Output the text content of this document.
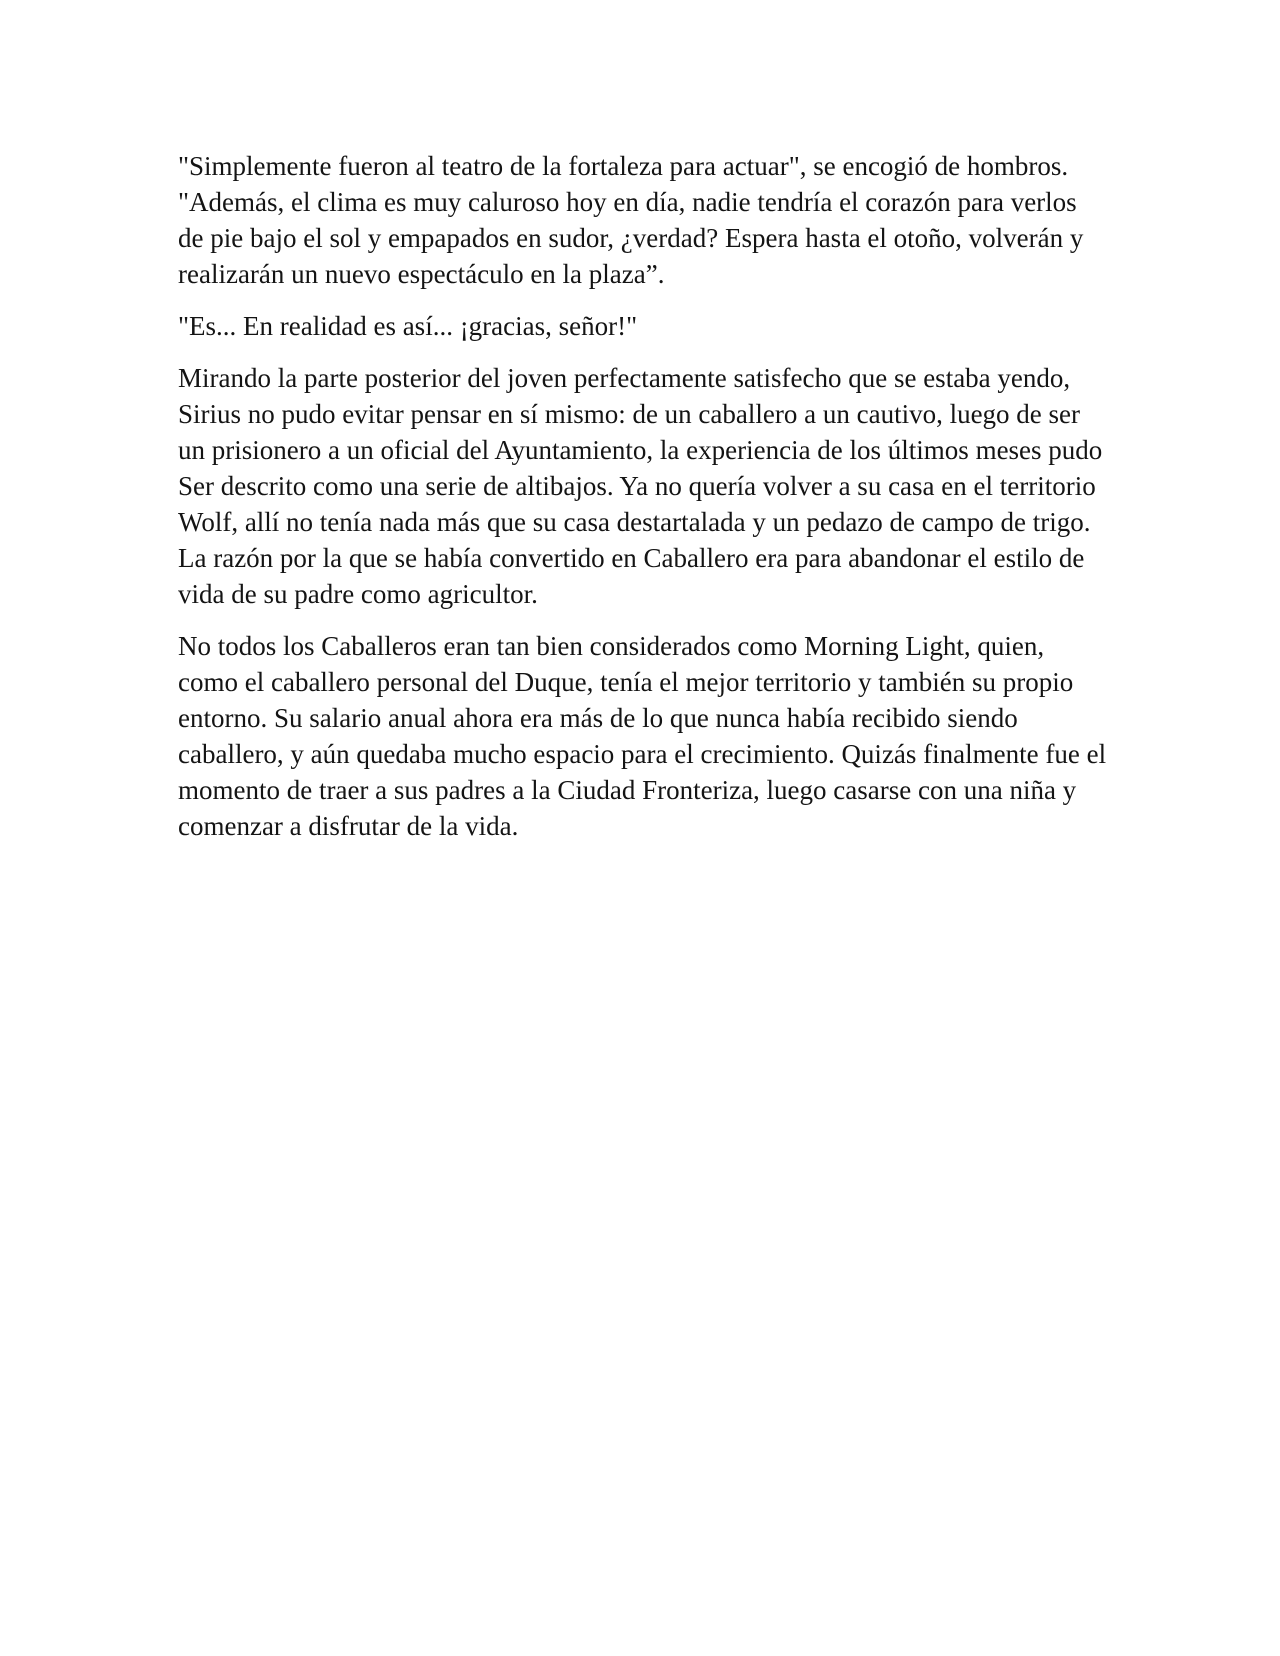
"Simplemente fueron al teatro de la fortaleza para actuar", se encogió de hombros. "Además, el clima es muy caluroso hoy en día, nadie tendría el corazón para verlos de pie bajo el sol y empapados en sudor, ¿verdad? Espera hasta el otoño, volverán y realizarán un nuevo espectáculo en la plaza”.

"Es... En realidad es así... ¡gracias, señor!"

Mirando la parte posterior del joven perfectamente satisfecho que se estaba yendo, Sirius no pudo evitar pensar en sí mismo: de un caballero a un cautivo, luego de ser un prisionero a un oficial del Ayuntamiento, la experiencia de los últimos meses pudo Ser descrito como una serie de altibajos. Ya no quería volver a su casa en el territorio Wolf, allí no tenía nada más que su casa destartalada y un pedazo de campo de trigo. La razón por la que se había convertido en Caballero era para abandonar el estilo de vida de su padre como agricultor.

No todos los Caballeros eran tan bien considerados como Morning Light, quien, como el caballero personal del Duque, tenía el mejor territorio y también su propio entorno. Su salario anual ahora era más de lo que nunca había recibido siendo caballero, y aún quedaba mucho espacio para el crecimiento. Quizás finalmente fue el momento de traer a sus padres a la Ciudad Fronteriza, luego casarse con una niña y comenzar a disfrutar de la vida.
